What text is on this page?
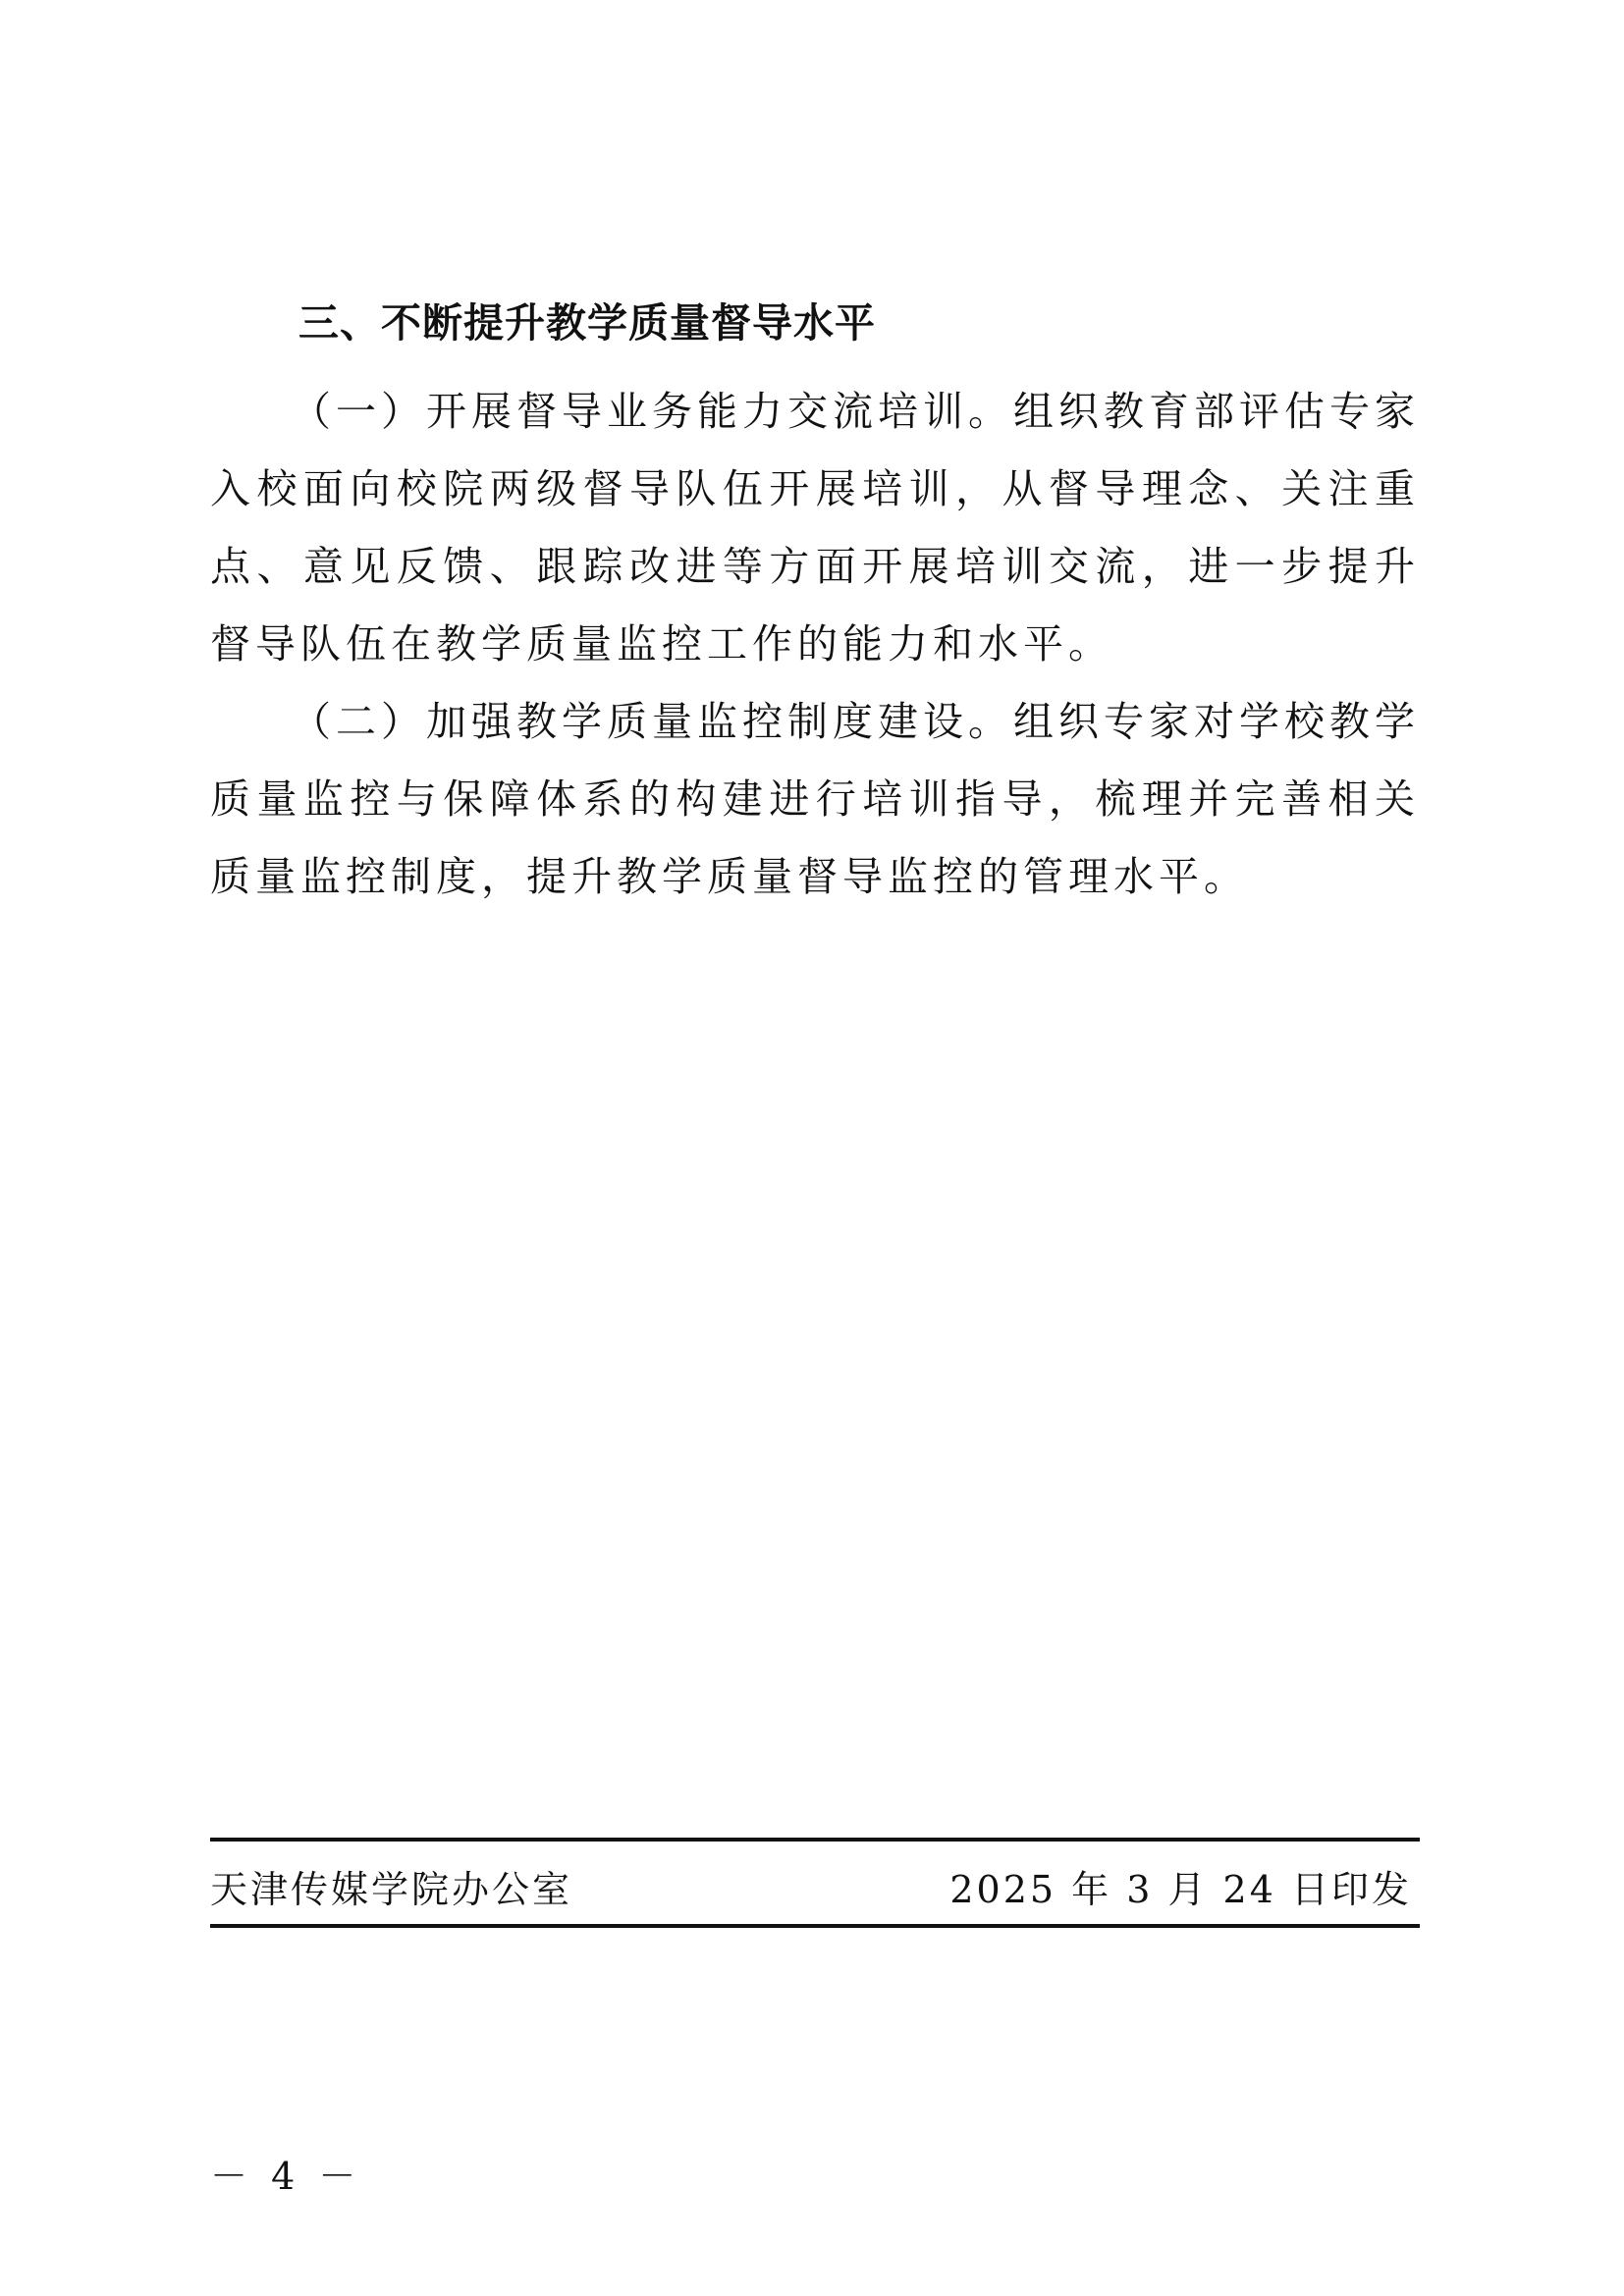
三、不断提升教学质量督导水平

（一）开展督导业务能力交流培训。组织教育部评估专家入校面向校院两级督导队伍开展培训，从督导理念、关注重点、意见反馈、跟踪改进等方面开展培训交流，进一步提升督导队伍在教学质量监控工作的能力和水平。

（二）加强教学质量监控制度建设。组织专家对学校教学质量监控与保障体系的构建进行培训指导，梳理并完善相关质量监控制度，提升教学质量督导监控的管理水平。

天津传媒学院办公室	2025 年 3 月 24 日印发
－ 4 －
